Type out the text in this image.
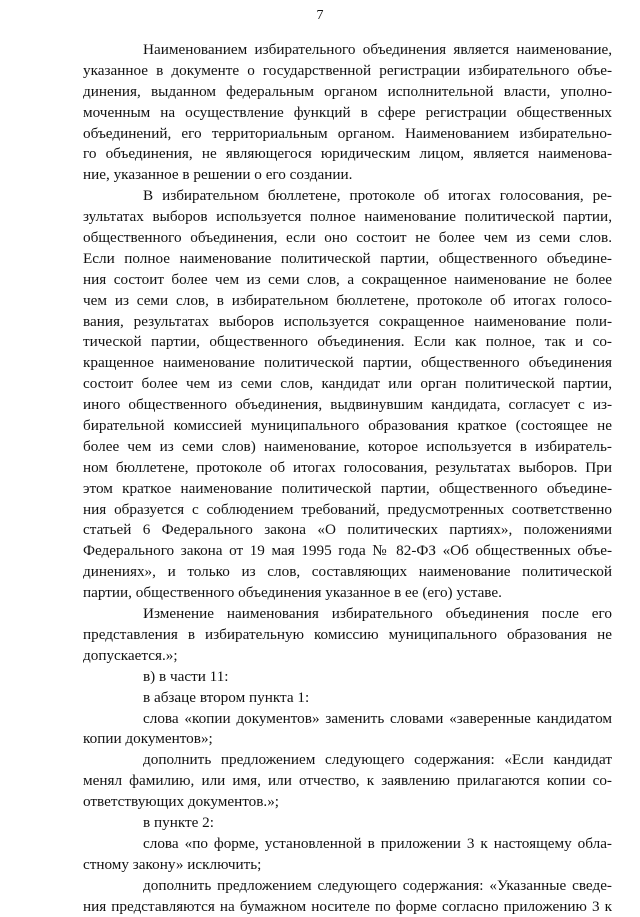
7
Наименованием избирательного объединения является наименование,
указанное в документе о государственной регистрации избирательного объе-
динения, выданном федеральным органом исполнительной власти, уполно-
моченным на осуществление функций в сфере регистрации общественных
объединений, его территориальным органом. Наименованием избирательно-
го объединения, не являющегося юридическим лицом, является наименова-
ние, указанное в решении о его создании.
В избирательном бюллетене, протоколе об итогах голосования, ре-
зультатах выборов используется полное наименование политической партии,
общественного объединения, если оно состоит не более чем из семи слов.
Если полное наименование политической партии, общественного объедине-
ния состоит более чем из семи слов, а сокращенное наименование не более
чем из семи слов, в избирательном бюллетене, протоколе об итогах голосо-
вания, результатах выборов используется сокращенное наименование поли-
тической партии, общественного объединения. Если как полное, так и со-
кращенное наименование политической партии, общественного объединения
состоит более чем из семи слов, кандидат или орган политической партии,
иного общественного объединения, выдвинувшим кандидата, согласует с из-
бирательной комиссией муниципального образования краткое (состоящее не
более чем из семи слов) наименование, которое используется в избиратель-
ном бюллетене, протоколе об итогах голосования, результатах выборов. При
этом краткое наименование политической партии, общественного объедине-
ния образуется с соблюдением требований, предусмотренных соответственно
статьей 6 Федерального закона «О политических партиях», положениями
Федерального закона от 19 мая 1995 года № 82-ФЗ «Об общественных объе-
динениях», и только из слов, составляющих наименование политической
партии, общественного объединения указанное в ее (его) уставе.
Изменение наименования избирательного объединения после его
представления в избирательную комиссию муниципального образования не
допускается.»;
в) в части 11:
в абзаце втором пункта 1:
слова «копии документов» заменить словами «заверенные кандидатом
копии документов»;
дополнить предложением следующего содержания: «Если кандидат
менял фамилию, или имя, или отчество, к заявлению прилагаются копии со-
ответствующих документов.»;
в пункте 2:
слова «по форме, установленной в приложении 3 к настоящему обла-
стному закону» исключить;
дополнить предложением следующего содержания: «Указанные сведе-
ния представляются на бумажном носителе по форме согласно приложению 3 к
